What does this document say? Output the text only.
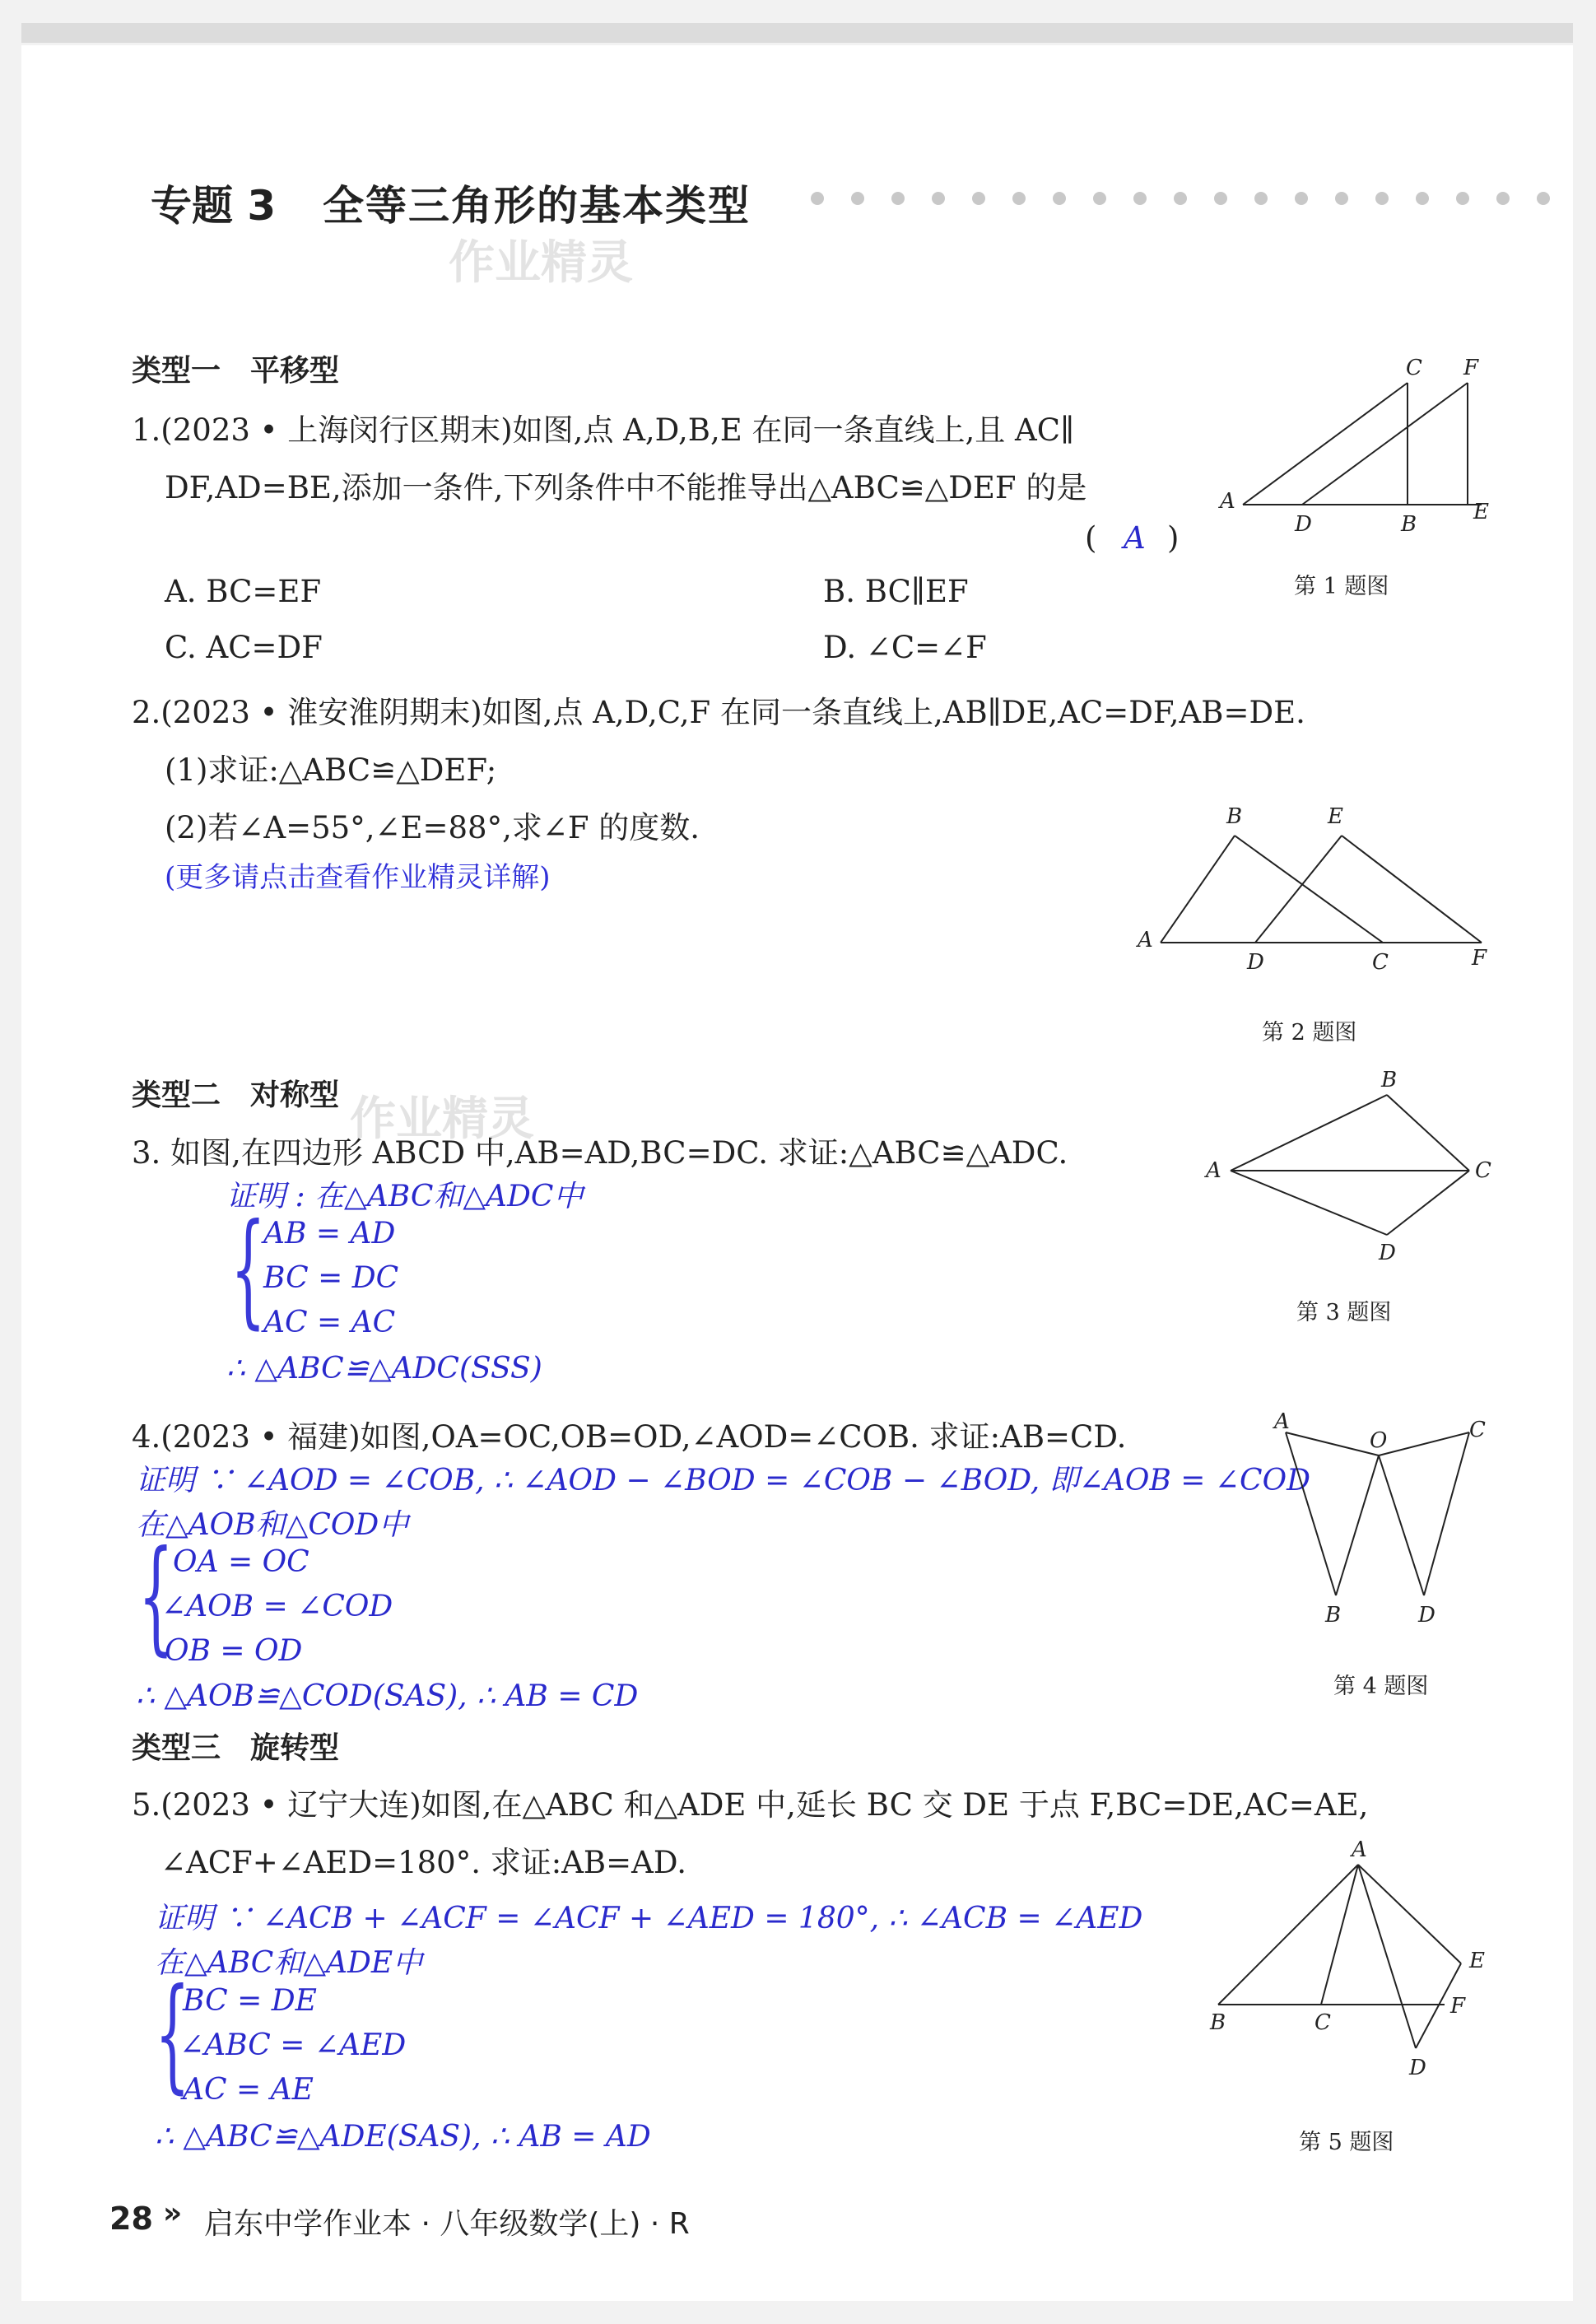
专题 3 全等三角形的基本类型
作业精灵
类型一　平移型
1.(2023 • 上海闵行区期末)如图,点 A,D,B,E 在同一条直线上,且 AC∥
DF,AD=BE,添加一条件,下列条件中不能推导出△ABC≌△DEF 的是
( A )
A. BC=EF	B. BC∥EF
C. AC=DF	D. ∠C=∠F
A
D	B	E
C F
第 1 题图
2.(2023 • 淮安淮阴期末)如图,点 A,D,C,F 在同一条直线上,AB∥DE,AC=DF,AB=DE.
(1)求证:△ABC≌△DEF;
(2)若∠A=55°,∠E=88°,求∠F 的度数.
(更多请点击查看作业精灵详解)
A
B	E
D	C	F
第 2 题图
类型二　对称型 作业精灵
3. 如图,在四边形 ABCD 中,AB=AD,BC=DC. 求证:△ABC≌△ADC.
证明 : 在△ABC和△ADC中
{
AB = AD
BC = DC
AC = AC
∴ △ABC≌△ADC(SSS)
A
B
C
D
第 3 题图
4.(2023 • 福建)如图,OA=OC,OB=OD,∠AOD=∠COB. 求证:AB=CD.
证明 ∵ ∠AOD = ∠COB, ∴ ∠AOD − ∠BOD = ∠COB − ∠BOD, 即∠AOB = ∠COD
在△AOB和△COD中
{ OA = OC
∠AOB = ∠COD
OB = OD
∴ △AOB≌△COD(SAS), ∴ AB = CD
A
O	C
B	D
第 4 题图
类型三　旋转型
5.(2023 • 辽宁大连)如图,在△ABC 和△ADE 中,延长 BC 交 DE 于点 F,BC=DE,AC=AE,
∠ACF+∠AED=180°. 求证:AB=AD.
证明 ∵ ∠ACB + ∠ACF = ∠ACF + ∠AED = 180°, ∴ ∠ACB = ∠AED
在△ABC和△ADE中
{
BC = DE
∠ABC = ∠AED
AC = AE
∴ △ABC≌△ADE(SAS), ∴ AB = AD
A
B	C
F
E
D
第 5 题图
28 » 启东中学作业本 · 八年级数学(上) · R
